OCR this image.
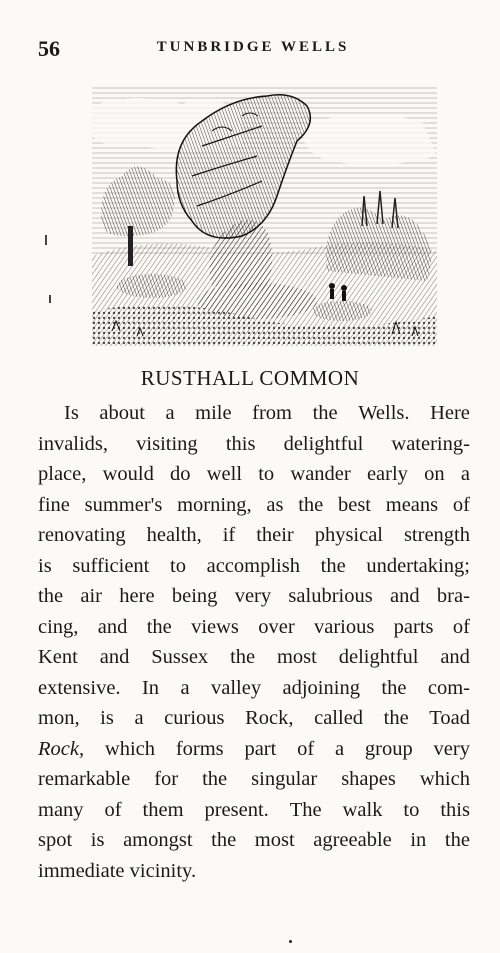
56	TUNBRIDGE WELLS
RUSTHALL COMMON
Is about a mile from the Wells. Here
invalids, visiting this delightful watering-
place, would do well to wander early on a
fine summer's morning, as the best means of
renovating health, if their physical strength
is sufficient to accomplish the undertaking;
the air here being very salubrious and bra-
cing, and the views over various parts of
Kent and Sussex the most delightful and
extensive. In a valley adjoining the com-
mon, is a curious Rock, called the Toad
Rock, which forms part of a group very
remarkable for the singular shapes which
many of them present. The walk to this
spot is amongst the most agreeable in the
immediate vicinity.
